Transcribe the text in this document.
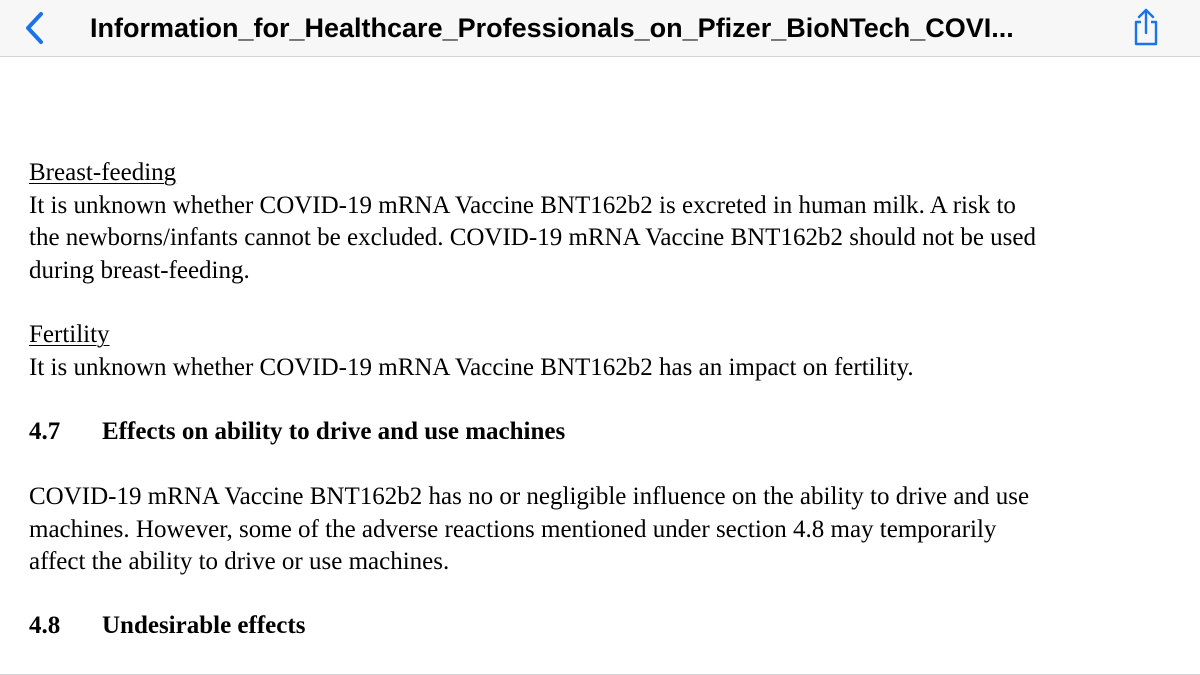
Information_for_Healthcare_Professionals_on_Pfizer_BioNTech_COVI...
Breast-feeding
It is unknown whether COVID-19 mRNA Vaccine BNT162b2 is excreted in human milk. A risk to
the newborns/infants cannot be excluded. COVID-19 mRNA Vaccine BNT162b2 should not be used
during breast-feeding.
Fertility
It is unknown whether COVID-19 mRNA Vaccine BNT162b2 has an impact on fertility.
4.7 Effects on ability to drive and use machines
COVID-19 mRNA Vaccine BNT162b2 has no or negligible influence on the ability to drive and use
machines. However, some of the adverse reactions mentioned under section 4.8 may temporarily
affect the ability to drive or use machines.
4.8 Undesirable effects
